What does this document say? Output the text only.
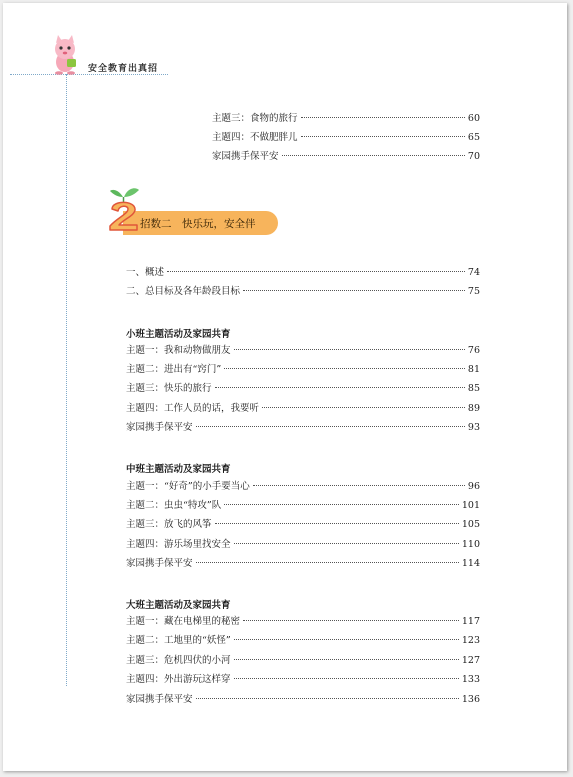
安全教育出真招
主题三：食物的旅行	60
主题四：不做肥胖儿	65
家园携手保平安	70
招数二　快乐玩，安全伴
一、概述	74
二、总目标及各年龄段目标	75
小班主题活动及家园共育
主题一：我和动物做朋友	76
主题二：进出有“窍门”	81
主题三：快乐的旅行	85
主题四：工作人员的话，我要听	89
家园携手保平安	93
中班主题活动及家园共育
主题一：“好奇”的小手要当心	96
主题二：虫虫“特攻”队	101
主题三：放飞的风筝	105
主题四：游乐场里找安全	110
家园携手保平安	114
大班主题活动及家园共育
主题一：藏在电梯里的秘密	117
主题二：工地里的“妖怪”	123
主题三：危机四伏的小河	127
主题四：外出游玩这样穿	133
家园携手保平安	136
